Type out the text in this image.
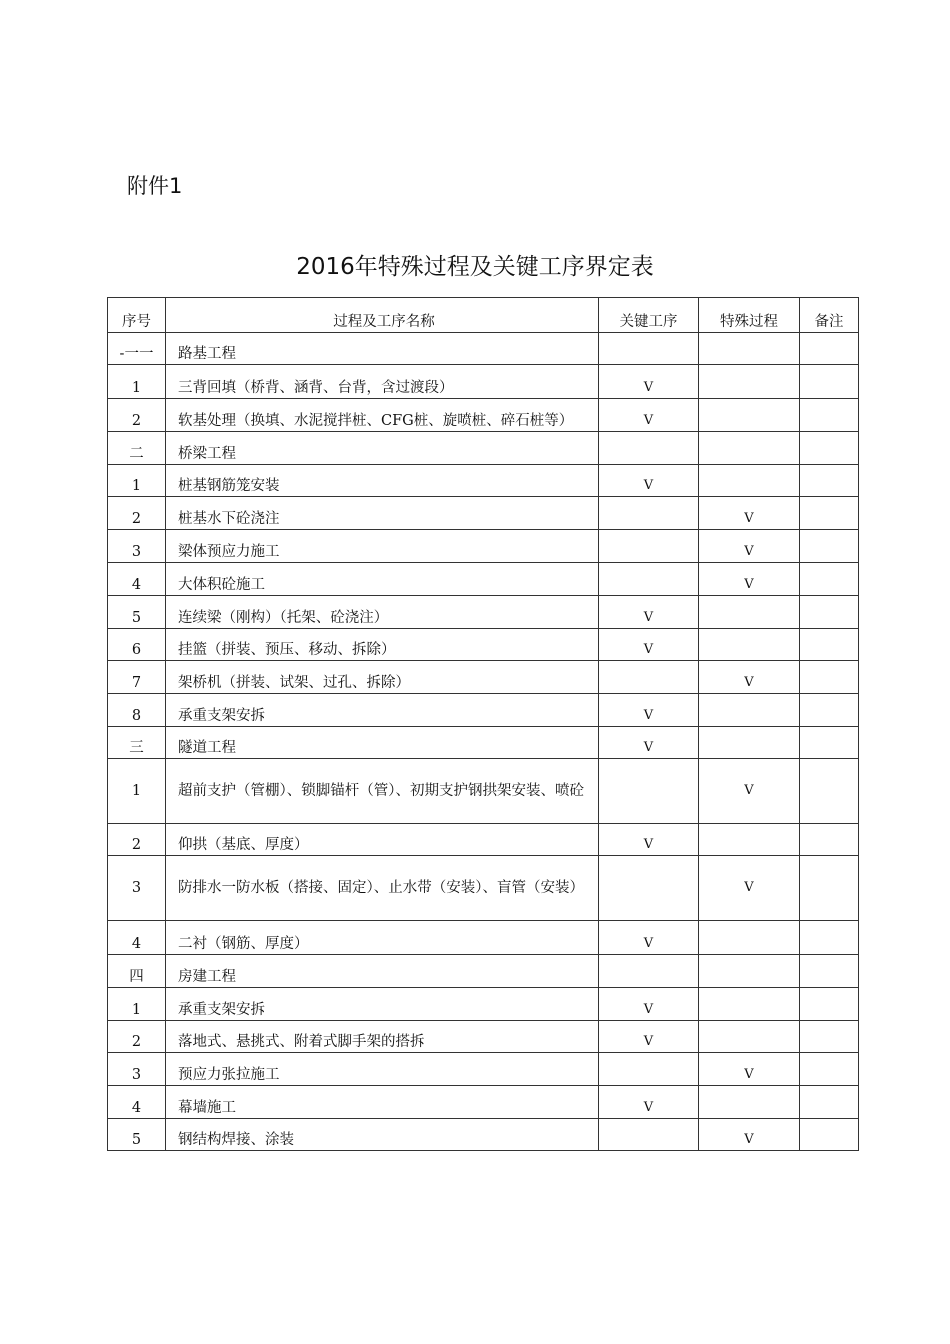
附件1
2016年特殊过程及关键工序界定表
序号	过程及工序名称	关键工序	特殊过程	备注
-一一	路基工程			
1	三背回填（桥背、涵背、台背，含过渡段）	V		
2	软基处理（换填、水泥搅拌桩、CFG桩、旋喷桩、碎石桩等）	V		
二	桥梁工程			
1	桩基钢筋笼安装	V		
2	桩基水下砼浇注		V	
3	梁体预应力施工		V	
4	大体积砼施工		V	
5	连续梁（刚构）（托架、砼浇注）	V		
6	挂篮（拼装、预压、移动、拆除）	V		
7	架桥机（拼装、试架、过孔、拆除）		V	
8	承重支架安拆	V		
三	隧道工程	V		
1	超前支护（管棚）、锁脚锚杆（管）、初期支护钢拱架安装、喷砼		V	
2	仰拱（基底、厚度）	V		
3	防排水一防水板（搭接、固定）、止水带（安装）、盲管（安装）		V	
4	二衬（钢筋、厚度）	V		
四	房建工程			
1	承重支架安拆	V		
2	落地式、悬挑式、附着式脚手架的搭拆	V		
3	预应力张拉施工		V	
4	幕墙施工	V		
5	钢结构焊接、涂装		V	
